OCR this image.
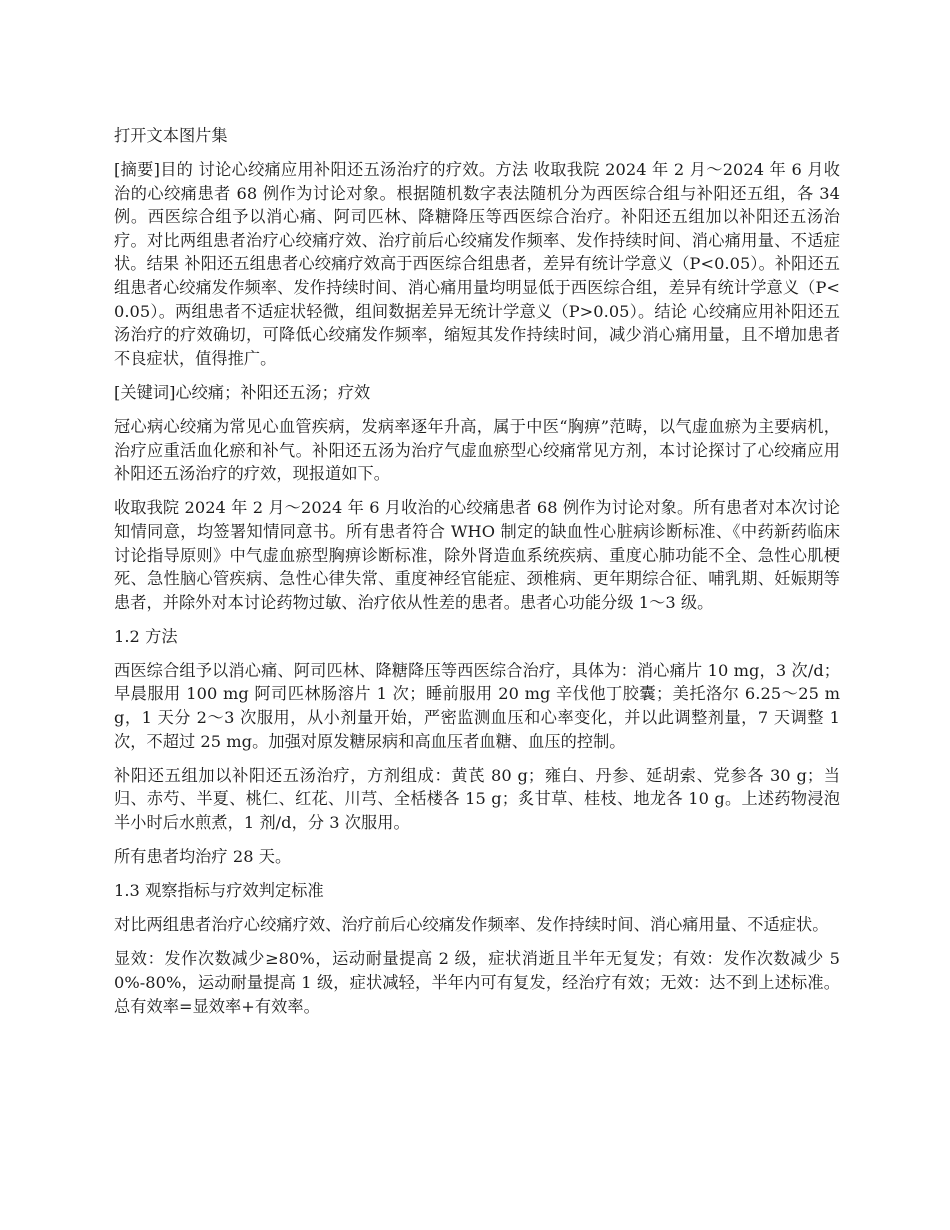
打开文本图片集

[摘要]目的 讨论心绞痛应用补阳还五汤治疗的疗效。方法 收取我院 2024 年 2 月～2024 年 6 月收治的心绞痛患者 68 例作为讨论对象。根据随机数字表法随机分为西医综合组与补阳还五组，各 34 例。西医综合组予以消心痛、阿司匹林、降糖降压等西医综合治疗。补阳还五组加以补阳还五汤治疗。对比两组患者治疗心绞痛疗效、治疗前后心绞痛发作频率、发作持续时间、消心痛用量、不适症状。结果 补阳还五组患者心绞痛疗效高于西医综合组患者，差异有统计学意义（P<0.05）。补阳还五组患者心绞痛发作频率、发作持续时间、消心痛用量均明显低于西医综合组，差异有统计学意义（P<0.05）。两组患者不适症状轻微，组间数据差异无统计学意义（P>0.05）。结论 心绞痛应用补阳还五汤治疗的疗效确切，可降低心绞痛发作频率，缩短其发作持续时间，减少消心痛用量，且不增加患者不良症状，值得推广。

[关键词]心绞痛；补阳还五汤；疗效

冠心病心绞痛为常见心血管疾病，发病率逐年升高，属于中医“胸痹”范畴，以气虚血瘀为主要病机，治疗应重活血化瘀和补气。补阳还五汤为治疗气虚血瘀型心绞痛常见方剂，本讨论探讨了心绞痛应用补阳还五汤治疗的疗效，现报道如下。

收取我院 2024 年 2 月～2024 年 6 月收治的心绞痛患者 68 例作为讨论对象。所有患者对本次讨论知情同意，均签署知情同意书。所有患者符合 WHO 制定的缺血性心脏病诊断标准、《中药新药临床讨论指导原则》中气虚血瘀型胸痹诊断标准，除外肾造血系统疾病、重度心肺功能不全、急性心肌梗死、急性脑心管疾病、急性心律失常、重度神经官能症、颈椎病、更年期综合征、哺乳期、妊娠期等患者，并除外对本讨论药物过敏、治疗依从性差的患者。患者心功能分级 1～3 级。

1.2 方法

西医综合组予以消心痛、阿司匹林、降糖降压等西医综合治疗，具体为：消心痛片 10 mg，3 次/d；早晨服用 100 mg 阿司匹林肠溶片 1 次；睡前服用 20 mg 辛伐他丁胶囊；美托洛尔 6.25～25 mg，1 天分 2～3 次服用，从小剂量开始，严密监测血压和心率变化，并以此调整剂量，7 天调整 1 次，不超过 25 mg。加强对原发糖尿病和高血压者血糖、血压的控制。

补阳还五组加以补阳还五汤治疗，方剂组成：黄芪 80 g；雍白、丹参、延胡索、党参各 30 g；当归、赤芍、半夏、桃仁、红花、川芎、全栝楼各 15 g；炙甘草、桂枝、地龙各 10 g。上述药物浸泡半小时后水煎煮，1 剂/d，分 3 次服用。

所有患者均治疗 28 天。

1.3 观察指标与疗效判定标准

对比两组患者治疗心绞痛疗效、治疗前后心绞痛发作频率、发作持续时间、消心痛用量、不适症状。

显效：发作次数减少≥80%，运动耐量提高 2 级，症状消逝且半年无复发；有效：发作次数减少 50%-80%，运动耐量提高 1 级，症状减轻，半年内可有复发，经治疗有效；无效：达不到上述标准。总有效率=显效率+有效率。
